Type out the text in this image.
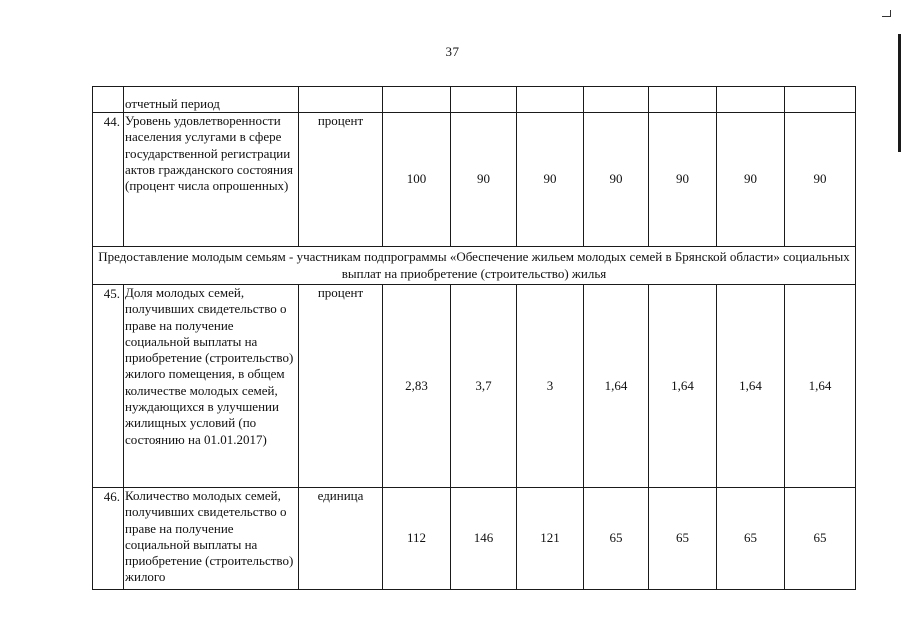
37

	отчетный период								

44.	Уровень удовлетворенности населения услугами в сфере государственной регистрации актов гражданского состояния (процент числа опрошенных)	процент	100	90	90	90	90	90	90
Предоставление молодым семьям - участникам подпрограммы «Обеспечение жильем молодых семей в Брянской области» социальных выплат на приобретение (строительство) жилья									
45.	Доля молодых семей, получивших свидетельство о праве на получение социальной выплаты на приобретение (строительство) жилого помещения, в общем количестве молодых семей, нуждающихся в улучшении жилищных условий (по состоянию на 01.01.2017)	процент	2,83	3,7	3	1,64	1,64	1,64	1,64
46.	Количество молодых семей, получивших свидетельство о праве на получение социальной выплаты на приобретение (строительство) жилого	единица	112	146	121	65	65	65	65
